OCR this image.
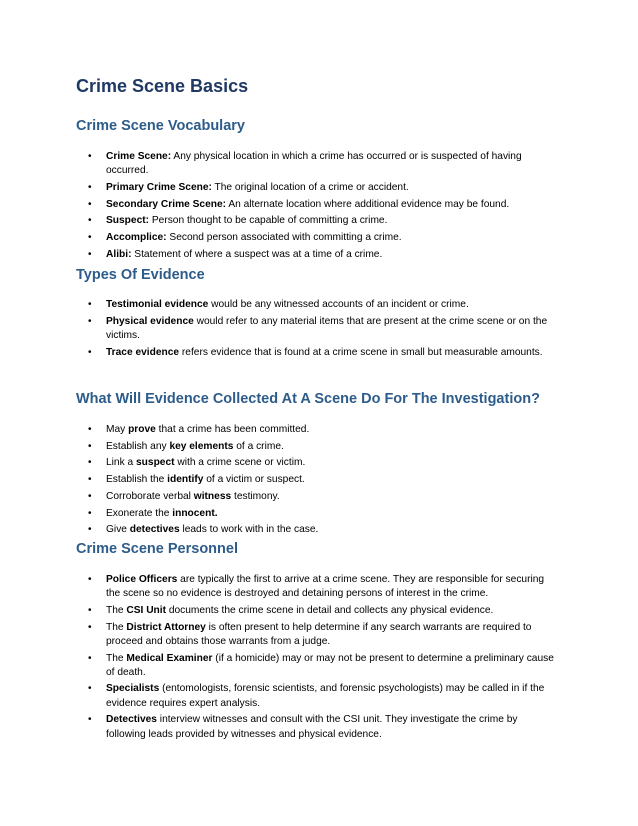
Crime Scene Basics
Crime Scene Vocabulary
• Crime Scene: Any physical location in which a crime has occurred or is suspected of having occurred.
• Primary Crime Scene: The original location of a crime or accident.
• Secondary Crime Scene: An alternate location where additional evidence may be found.
• Suspect: Person thought to be capable of committing a crime.
• Accomplice: Second person associated with committing a crime.
• Alibi: Statement of where a suspect was at a time of a crime.
Types Of Evidence
• Testimonial evidence would be any witnessed accounts of an incident or crime.
• Physical evidence would refer to any material items that are present at the crime scene or on the victims.
• Trace evidence refers evidence that is found at a crime scene in small but measurable amounts.
What Will Evidence Collected At A Scene Do For The Investigation?
• May prove that a crime has been committed.
• Establish any key elements of a crime.
• Link a suspect with a crime scene or victim.
• Establish the identify of a victim or suspect.
• Corroborate verbal witness testimony.
• Exonerate the innocent.
• Give detectives leads to work with in the case.
Crime Scene Personnel
• Police Officers are typically the first to arrive at a crime scene. They are responsible for securing the scene so no evidence is destroyed and detaining persons of interest in the crime.
• The CSI Unit documents the crime scene in detail and collects any physical evidence.
• The District Attorney is often present to help determine if any search warrants are required to proceed and obtains those warrants from a judge.
• The Medical Examiner (if a homicide) may or may not be present to determine a preliminary cause of death.
• Specialists (entomologists, forensic scientists, and forensic psychologists) may be called in if the evidence requires expert analysis.
• Detectives interview witnesses and consult with the CSI unit. They investigate the crime by following leads provided by witnesses and physical evidence.
